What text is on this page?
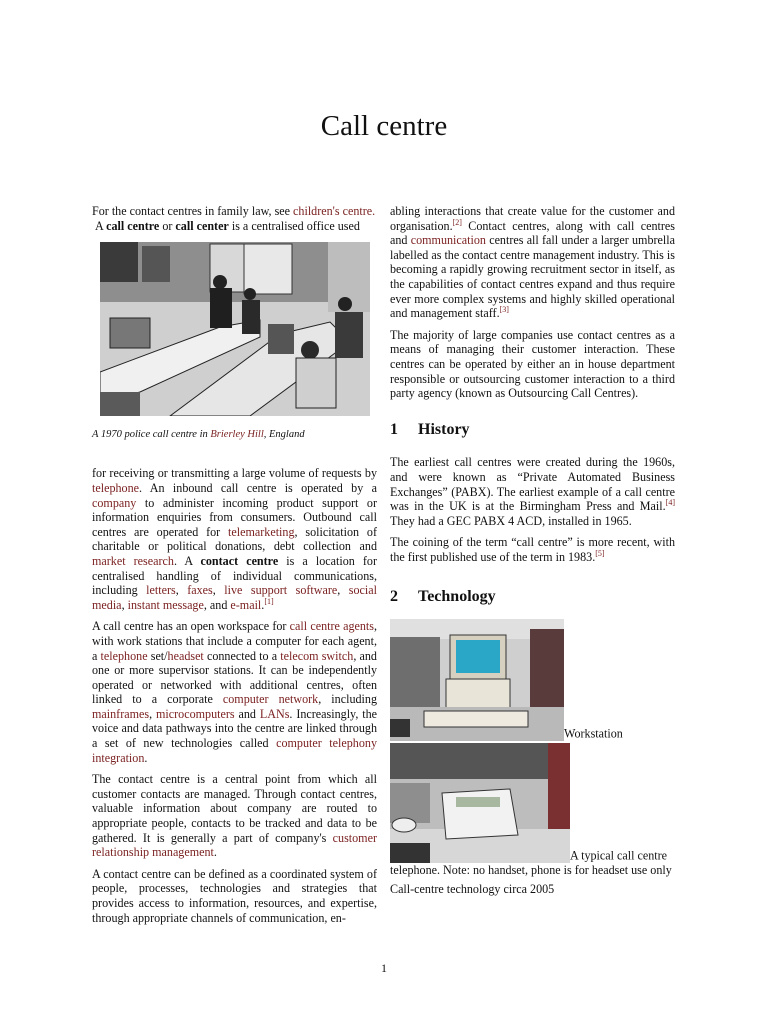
Call centre

For the contact centres in family law, see children's centre.

A call centre or call center is a centralised office used

A 1970 police call centre in Brierley Hill, England

for receiving or transmitting a large volume of requests by telephone. An inbound call centre is operated by a company to administer incoming product support or information enquiries from consumers. Outbound call centres are operated for telemarketing, solicitation of charitable or political donations, debt collection and market research. A contact centre is a location for centralised handling of individual communications, including letters, faxes, live support software, social media, instant message, and e-mail.[1]

A call centre has an open workspace for call centre agents, with work stations that include a computer for each agent, a telephone set/headset connected to a telecom switch, and one or more supervisor stations. It can be independently operated or networked with additional centres, often linked to a corporate computer network, including mainframes, microcomputers and LANs. Increasingly, the voice and data pathways into the centre are linked through a set of new technologies called computer telephony integration.

The contact centre is a central point from which all customer contacts are managed. Through contact centres, valuable information about company are routed to appropriate people, contacts to be tracked and data to be gathered. It is generally a part of company's customer relationship management.

A contact centre can be defined as a coordinated system of people, processes, technologies and strategies that provides access to information, resources, and expertise, through appropriate channels of communication, en-

abling interactions that create value for the customer and organisation.[2] Contact centres, along with call centres and communication centres all fall under a larger umbrella labelled as the contact centre management industry. This is becoming a rapidly growing recruitment sector in itself, as the capabilities of contact centres expand and thus require ever more complex systems and highly skilled operational and management staff.[3]

The majority of large companies use contact centres as a means of managing their customer interaction. These centres can be operated by either an in house department responsible or outsourcing customer interaction to a third party agency (known as Outsourcing Call Centres).

1 History

The earliest call centres were created during the 1960s, and were known as “Private Automated Business Exchanges” (PABX). The earliest example of a call centre was in the UK is at the Birmingham Press and Mail.[4] They had a GEC PABX 4 ACD, installed in 1965.

The coining of the term “call centre” is more recent, with the first published use of the term in 1983.[5]

2 Technology
Workstation
A typical call centre telephone. Note: no handset, phone is for headset use only

Call-centre technology circa 2005

1
